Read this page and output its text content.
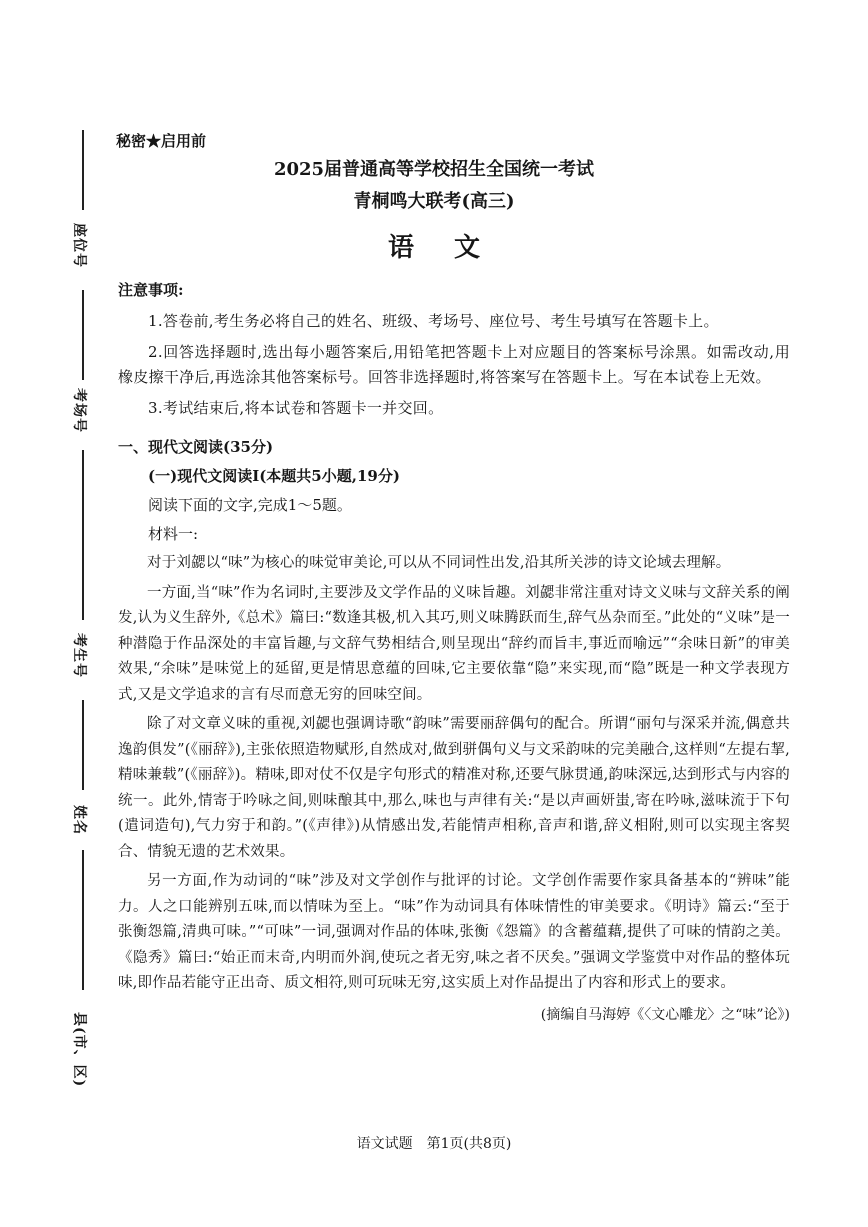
座位号
考场号
考生号
姓名
县(市、区)
秘密★启用前
2025届普通高等学校招生全国统一考试
青桐鸣大联考(高三)
语文
注意事项:
1.答卷前,考生务必将自己的姓名、班级、考场号、座位号、考生号填写在答题卡上。
2.回答选择题时,选出每小题答案后,用铅笔把答题卡上对应题目的答案标号涂黑。如需改动,用橡皮擦干净后,再选涂其他答案标号。回答非选择题时,将答案写在答题卡上。写在本试卷上无效。
3.考试结束后,将本试卷和答题卡一并交回。
一、现代文阅读(35分)
(一)现代文阅读Ⅰ(本题共5小题,19分)
阅读下面的文字,完成1～5题。
材料一:
对于刘勰以“味”为核心的味觉审美论,可以从不同词性出发,沿其所关涉的诗文论域去理解。
一方面,当“味”作为名词时,主要涉及文学作品的义味旨趣。刘勰非常注重对诗文义味与文辞关系的阐发,认为义生辞外,《总术》篇曰:“数逢其极,机入其巧,则义味腾跃而生,辞气丛杂而至。”此处的“义味”是一种潜隐于作品深处的丰富旨趣,与文辞气势相结合,则呈现出“辞约而旨丰,事近而喻远”“余味日新”的审美效果,“余味”是味觉上的延留,更是情思意蕴的回味,它主要依靠“隐”来实现,而“隐”既是一种文学表现方式,又是文学追求的言有尽而意无穷的回味空间。
除了对文章义味的重视,刘勰也强调诗歌“韵味”需要丽辞偶句的配合。所谓“丽句与深采并流,偶意共逸韵俱发”(《丽辞》),主张依照造物赋形,自然成对,做到骈偶句义与文采韵味的完美融合,这样则“左提右挈,精味兼载”(《丽辞》)。精味,即对仗不仅是字句形式的精准对称,还要气脉贯通,韵味深远,达到形式与内容的统一。此外,情寄于吟咏之间,则味酿其中,那么,味也与声律有关:“是以声画妍蚩,寄在吟咏,滋味流于下句(遣词造句),气力穷于和韵。”(《声律》)从情感出发,若能情声相称,音声和谐,辞义相附,则可以实现主客契合、情貌无遗的艺术效果。
另一方面,作为动词的“味”涉及对文学创作与批评的讨论。文学创作需要作家具备基本的“辨味”能力。人之口能辨别五味,而以情味为至上。“味”作为动词具有体味情性的审美要求。《明诗》篇云:“至于张衡怨篇,清典可味。”“可味”一词,强调对作品的体味,张衡《怨篇》的含蓄蕴藉,提供了可味的情韵之美。《隐秀》篇曰:“始正而末奇,内明而外润,使玩之者无穷,味之者不厌矣。”强调文学鉴赏中对作品的整体玩味,即作品若能守正出奇、质文相符,则可玩味无穷,这实质上对作品提出了内容和形式上的要求。
(摘编自马海婷《〈文心雕龙〉之“味”论》)
语文试题　第1页(共8页)
